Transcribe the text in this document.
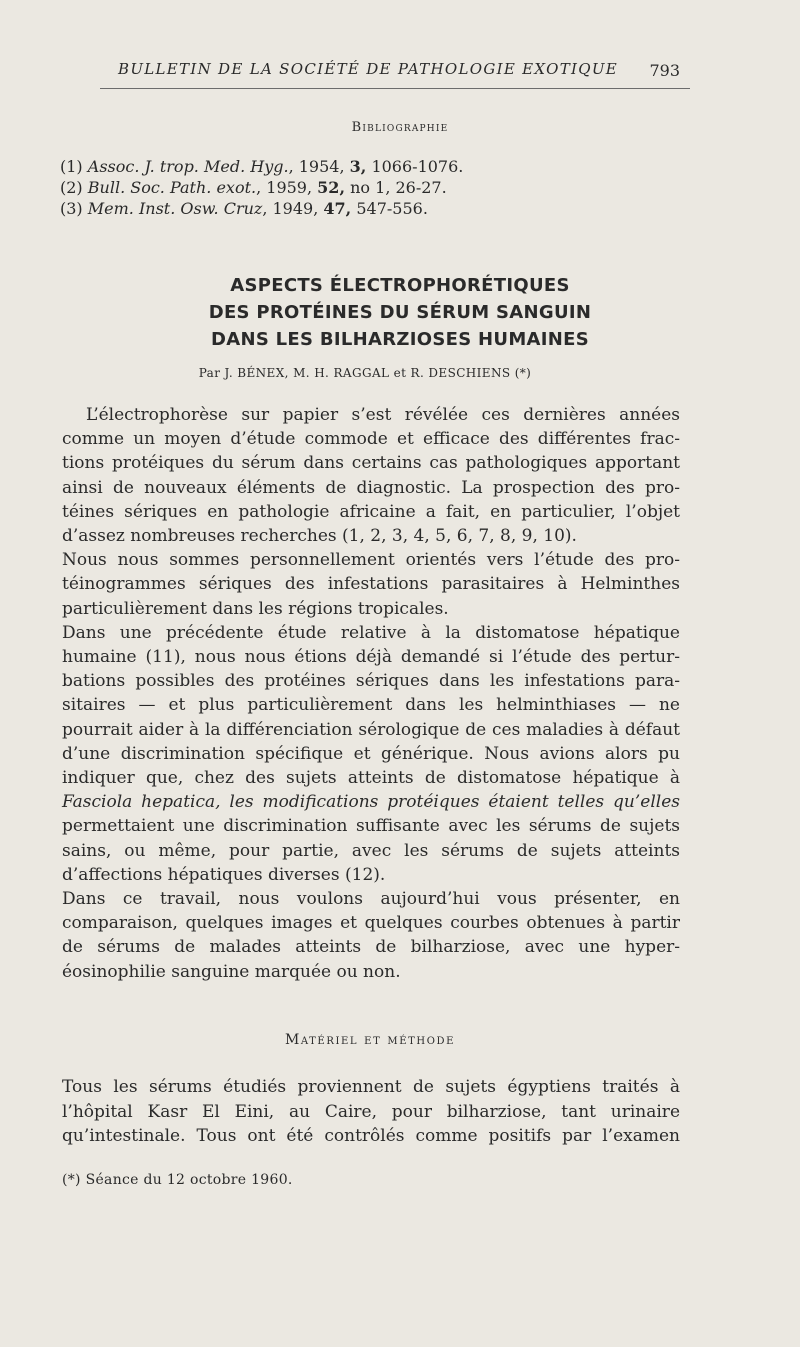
BULLETIN DE LA SOCIÉTÉ DE PATHOLOGIE EXOTIQUE 793
Bibliographie
(1) Assoc. J. trop. Med. Hyg., 1954, 3, 1066-1076.
(2) Bull. Soc. Path. exot., 1959, 52, no 1, 26-27.
(3) Mem. Inst. Osw. Cruz, 1949, 47, 547-556.
ASPECTS ÉLECTROPHORÉTIQUES
DES PROTÉINES DU SÉRUM SANGUIN
DANS LES BILHARZIOSES HUMAINES
Par J. BÉNEX, M. H. RAGGAL et R. DESCHIENS (*)

L’électrophorèse sur papier s’est révélée ces dernières années
comme un moyen d’étude commode et efficace des différentes frac-
tions protéiques du sérum dans certains cas pathologiques apportant
ainsi de nouveaux éléments de diagnostic. La prospection des pro-
téines sériques en pathologie africaine a fait, en particulier, l’objet
d’assez nombreuses recherches (1, 2, 3, 4, 5, 6, 7, 8, 9, 10).

Nous nous sommes personnellement orientés vers l’étude des pro-
téinogrammes sériques des infestations parasitaires à Helminthes
particulièrement dans les régions tropicales.

Dans une précédente étude relative à la distomatose hépatique
humaine (11), nous nous étions déjà demandé si l’étude des pertur-
bations possibles des protéines sériques dans les infestations para-
sitaires — et plus particulièrement dans les helminthiases — ne
pourrait aider à la différenciation sérologique de ces maladies à défaut
d’une discrimination spécifique et générique. Nous avions alors pu
indiquer que, chez des sujets atteints de distomatose hépatique à
Fasciola hepatica, les modifications protéiques étaient telles qu’elles
permettaient une discrimination suffisante avec les sérums de sujets
sains, ou même, pour partie, avec les sérums de sujets atteints
d’affections hépatiques diverses (12).

Dans ce travail, nous voulons aujourd’hui vous présenter, en
comparaison, quelques images et quelques courbes obtenues à partir
de sérums de malades atteints de bilharziose, avec une hyper-
éosinophilie sanguine marquée ou non.

Matériel et méthode
Tous les sérums étudiés proviennent de sujets égyptiens traités à
l’hôpital Kasr El Eini, au Caire, pour bilharziose, tant urinaire
qu’intestinale. Tous ont été contrôlés comme positifs par l’examen
(*) Séance du 12 octobre 1960.
